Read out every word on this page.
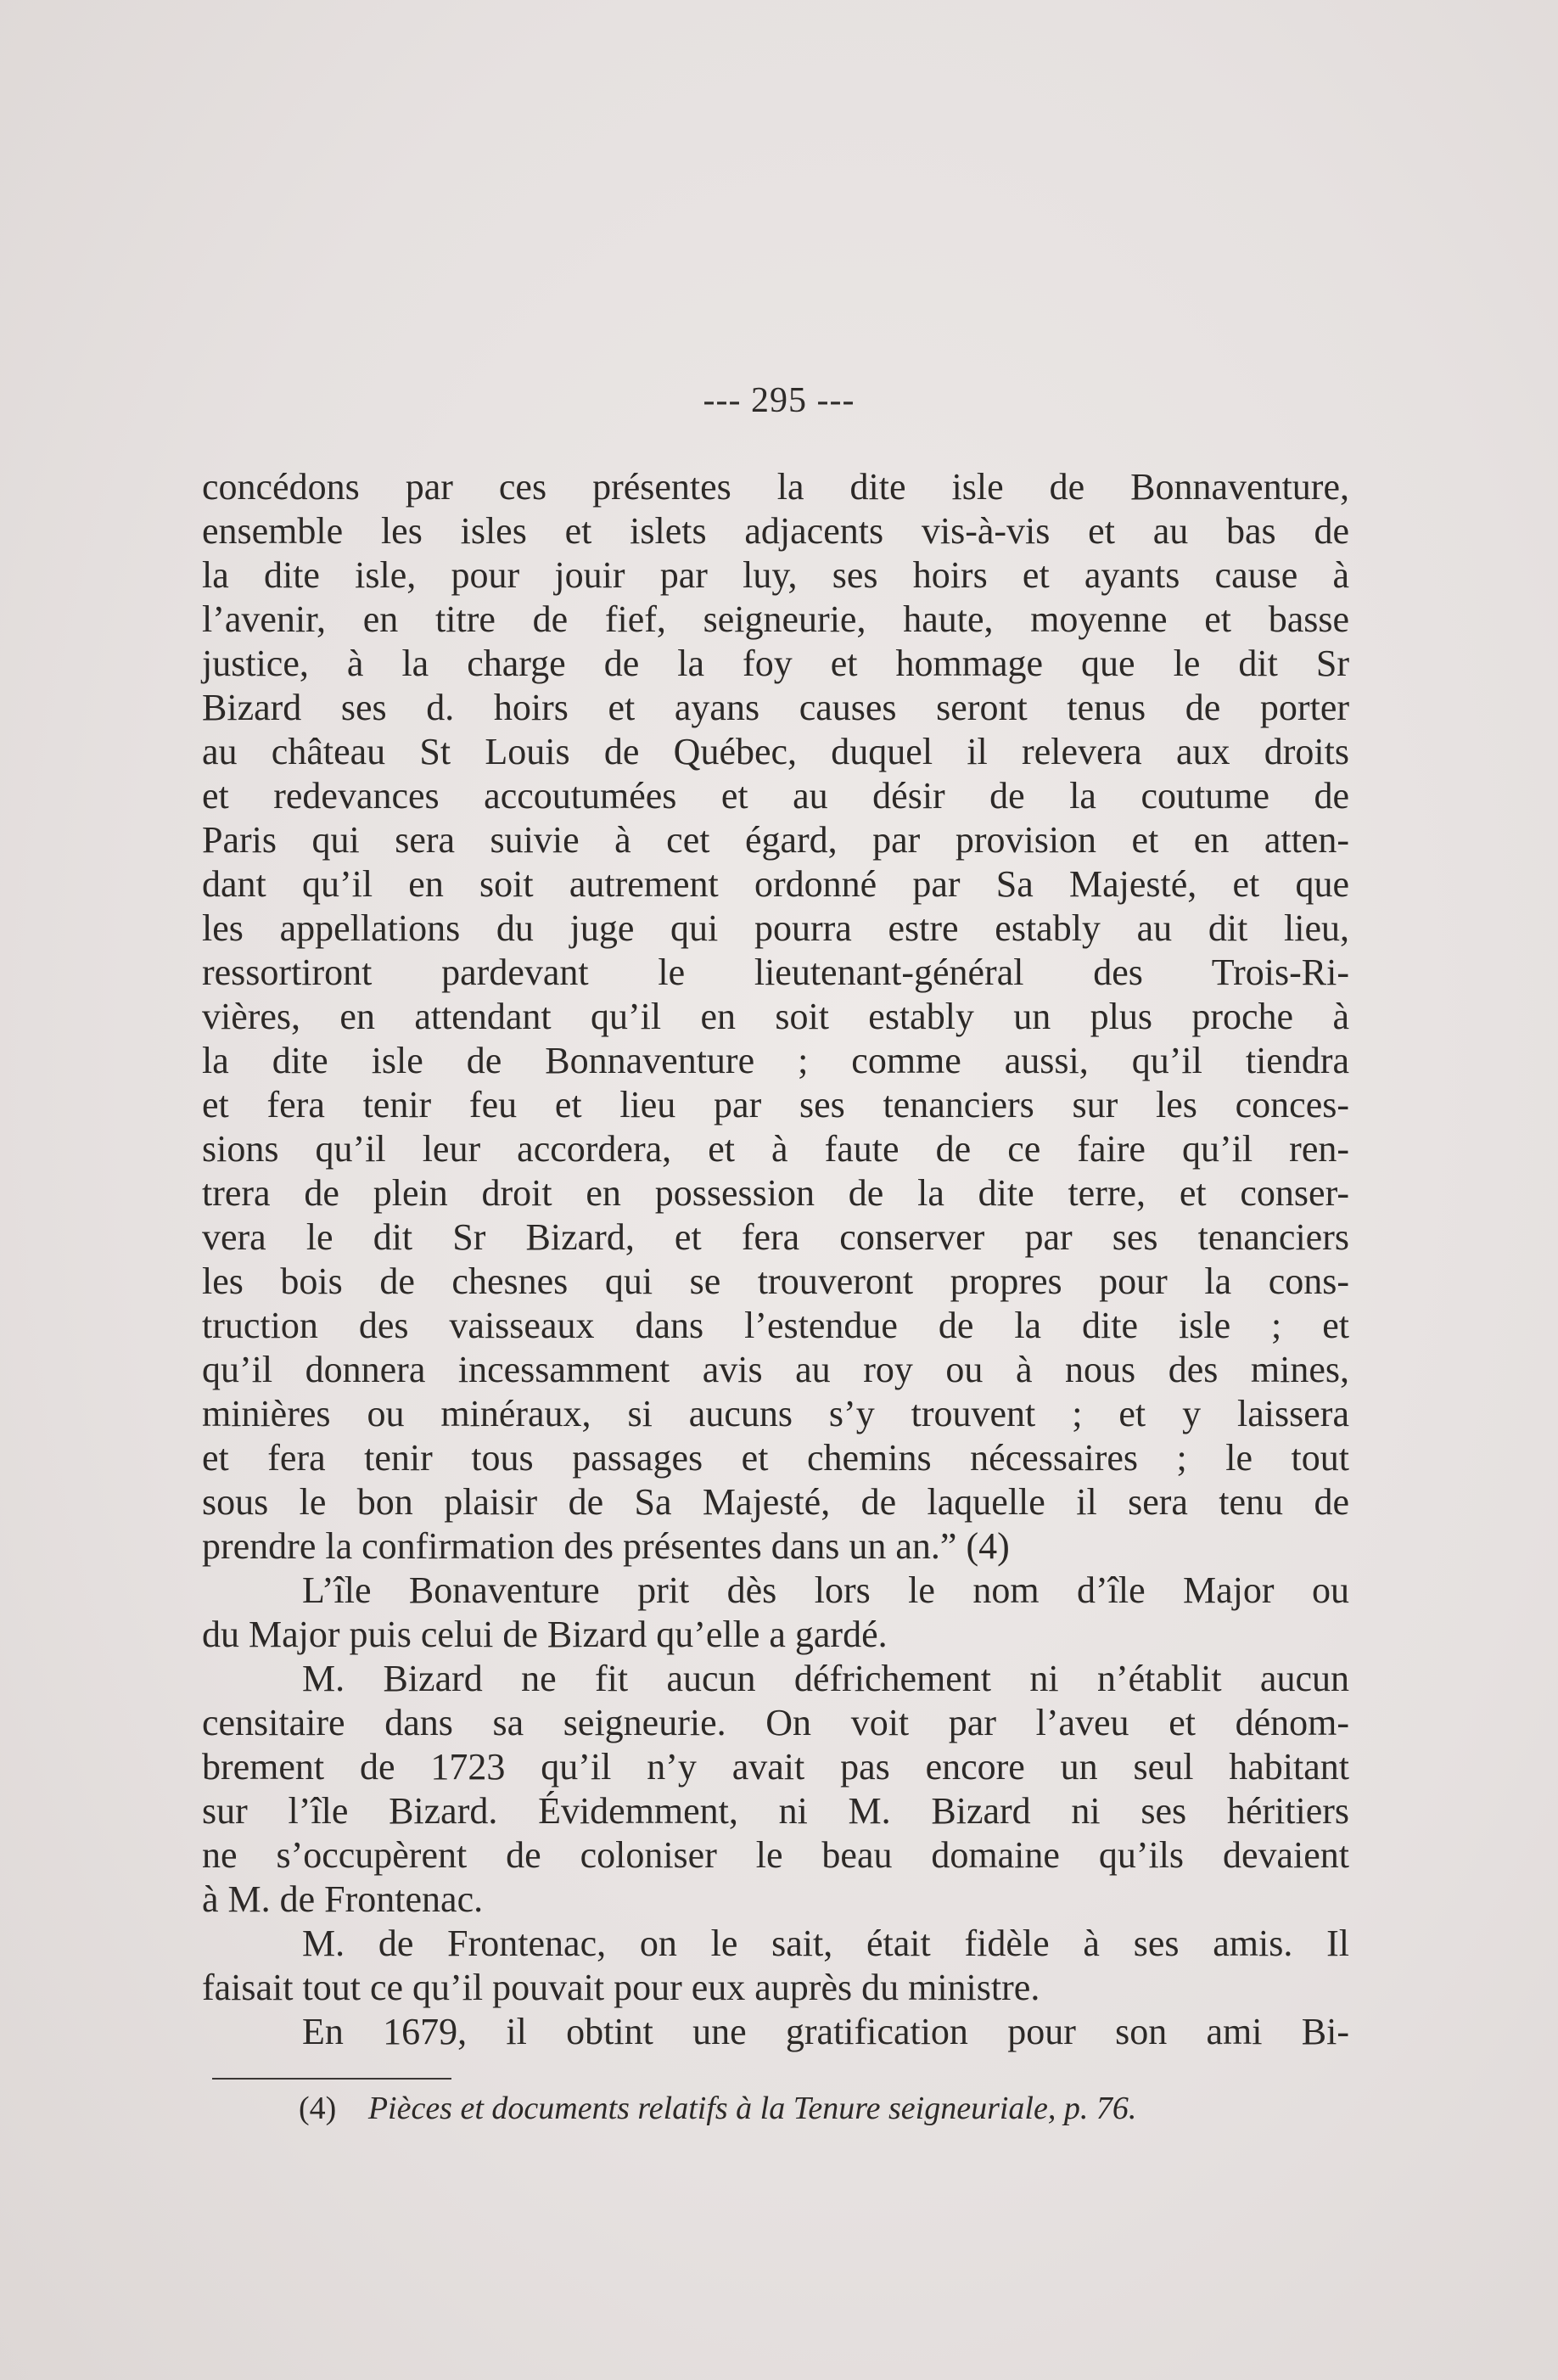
--- 295 ---
concédons par ces présentes la dite isle de Bonnaventure,
ensemble les isles et islets adjacents vis-à-vis et au bas de
la dite isle, pour jouir par luy, ses hoirs et ayants cause à
l’avenir, en titre de fief, seigneurie, haute, moyenne et basse
justice, à la charge de la foy et hommage que le dit Sr
Bizard ses d. hoirs et ayans causes seront tenus de porter
au château St Louis de Québec, duquel il relevera aux droits
et redevances accoutumées et au désir de la coutume de
Paris qui sera suivie à cet égard, par provision et en atten-
dant qu’il en soit autrement ordonné par Sa Majesté, et que
les appellations du juge qui pourra estre estably au dit lieu,
ressortiront pardevant le lieutenant-général des Trois-Ri-
vières, en attendant qu’il en soit estably un plus proche à
la dite isle de Bonnaventure ; comme aussi, qu’il tiendra
et fera tenir feu et lieu par ses tenanciers sur les conces-
sions qu’il leur accordera, et à faute de ce faire qu’il ren-
trera de plein droit en possession de la dite terre, et conser-
vera le dit Sr Bizard, et fera conserver par ses tenanciers
les bois de chesnes qui se trouveront propres pour la cons-
truction des vaisseaux dans l’estendue de la dite isle ; et
qu’il donnera incessamment avis au roy ou à nous des mines,
minières ou minéraux, si aucuns s’y trouvent ; et y laissera
et fera tenir tous passages et chemins nécessaires ; le tout
sous le bon plaisir de Sa Majesté, de laquelle il sera tenu de
prendre la confirmation des présentes dans un an.” (4)
L’île Bonaventure prit dès lors le nom d’île Major ou
du Major puis celui de Bizard qu’elle a gardé.
M. Bizard ne fit aucun défrichement ni n’établit aucun
censitaire dans sa seigneurie. On voit par l’aveu et dénom-
brement de 1723 qu’il n’y avait pas encore un seul habitant
sur l’île Bizard. Évidemment, ni M. Bizard ni ses héritiers
ne s’occupèrent de coloniser le beau domaine qu’ils devaient
à M. de Frontenac.
M. de Frontenac, on le sait, était fidèle à ses amis. Il
faisait tout ce qu’il pouvait pour eux auprès du ministre.
En 1679, il obtint une gratification pour son ami Bi-
(4) Pièces et documents relatifs à la Tenure seigneuriale, p. 76.
